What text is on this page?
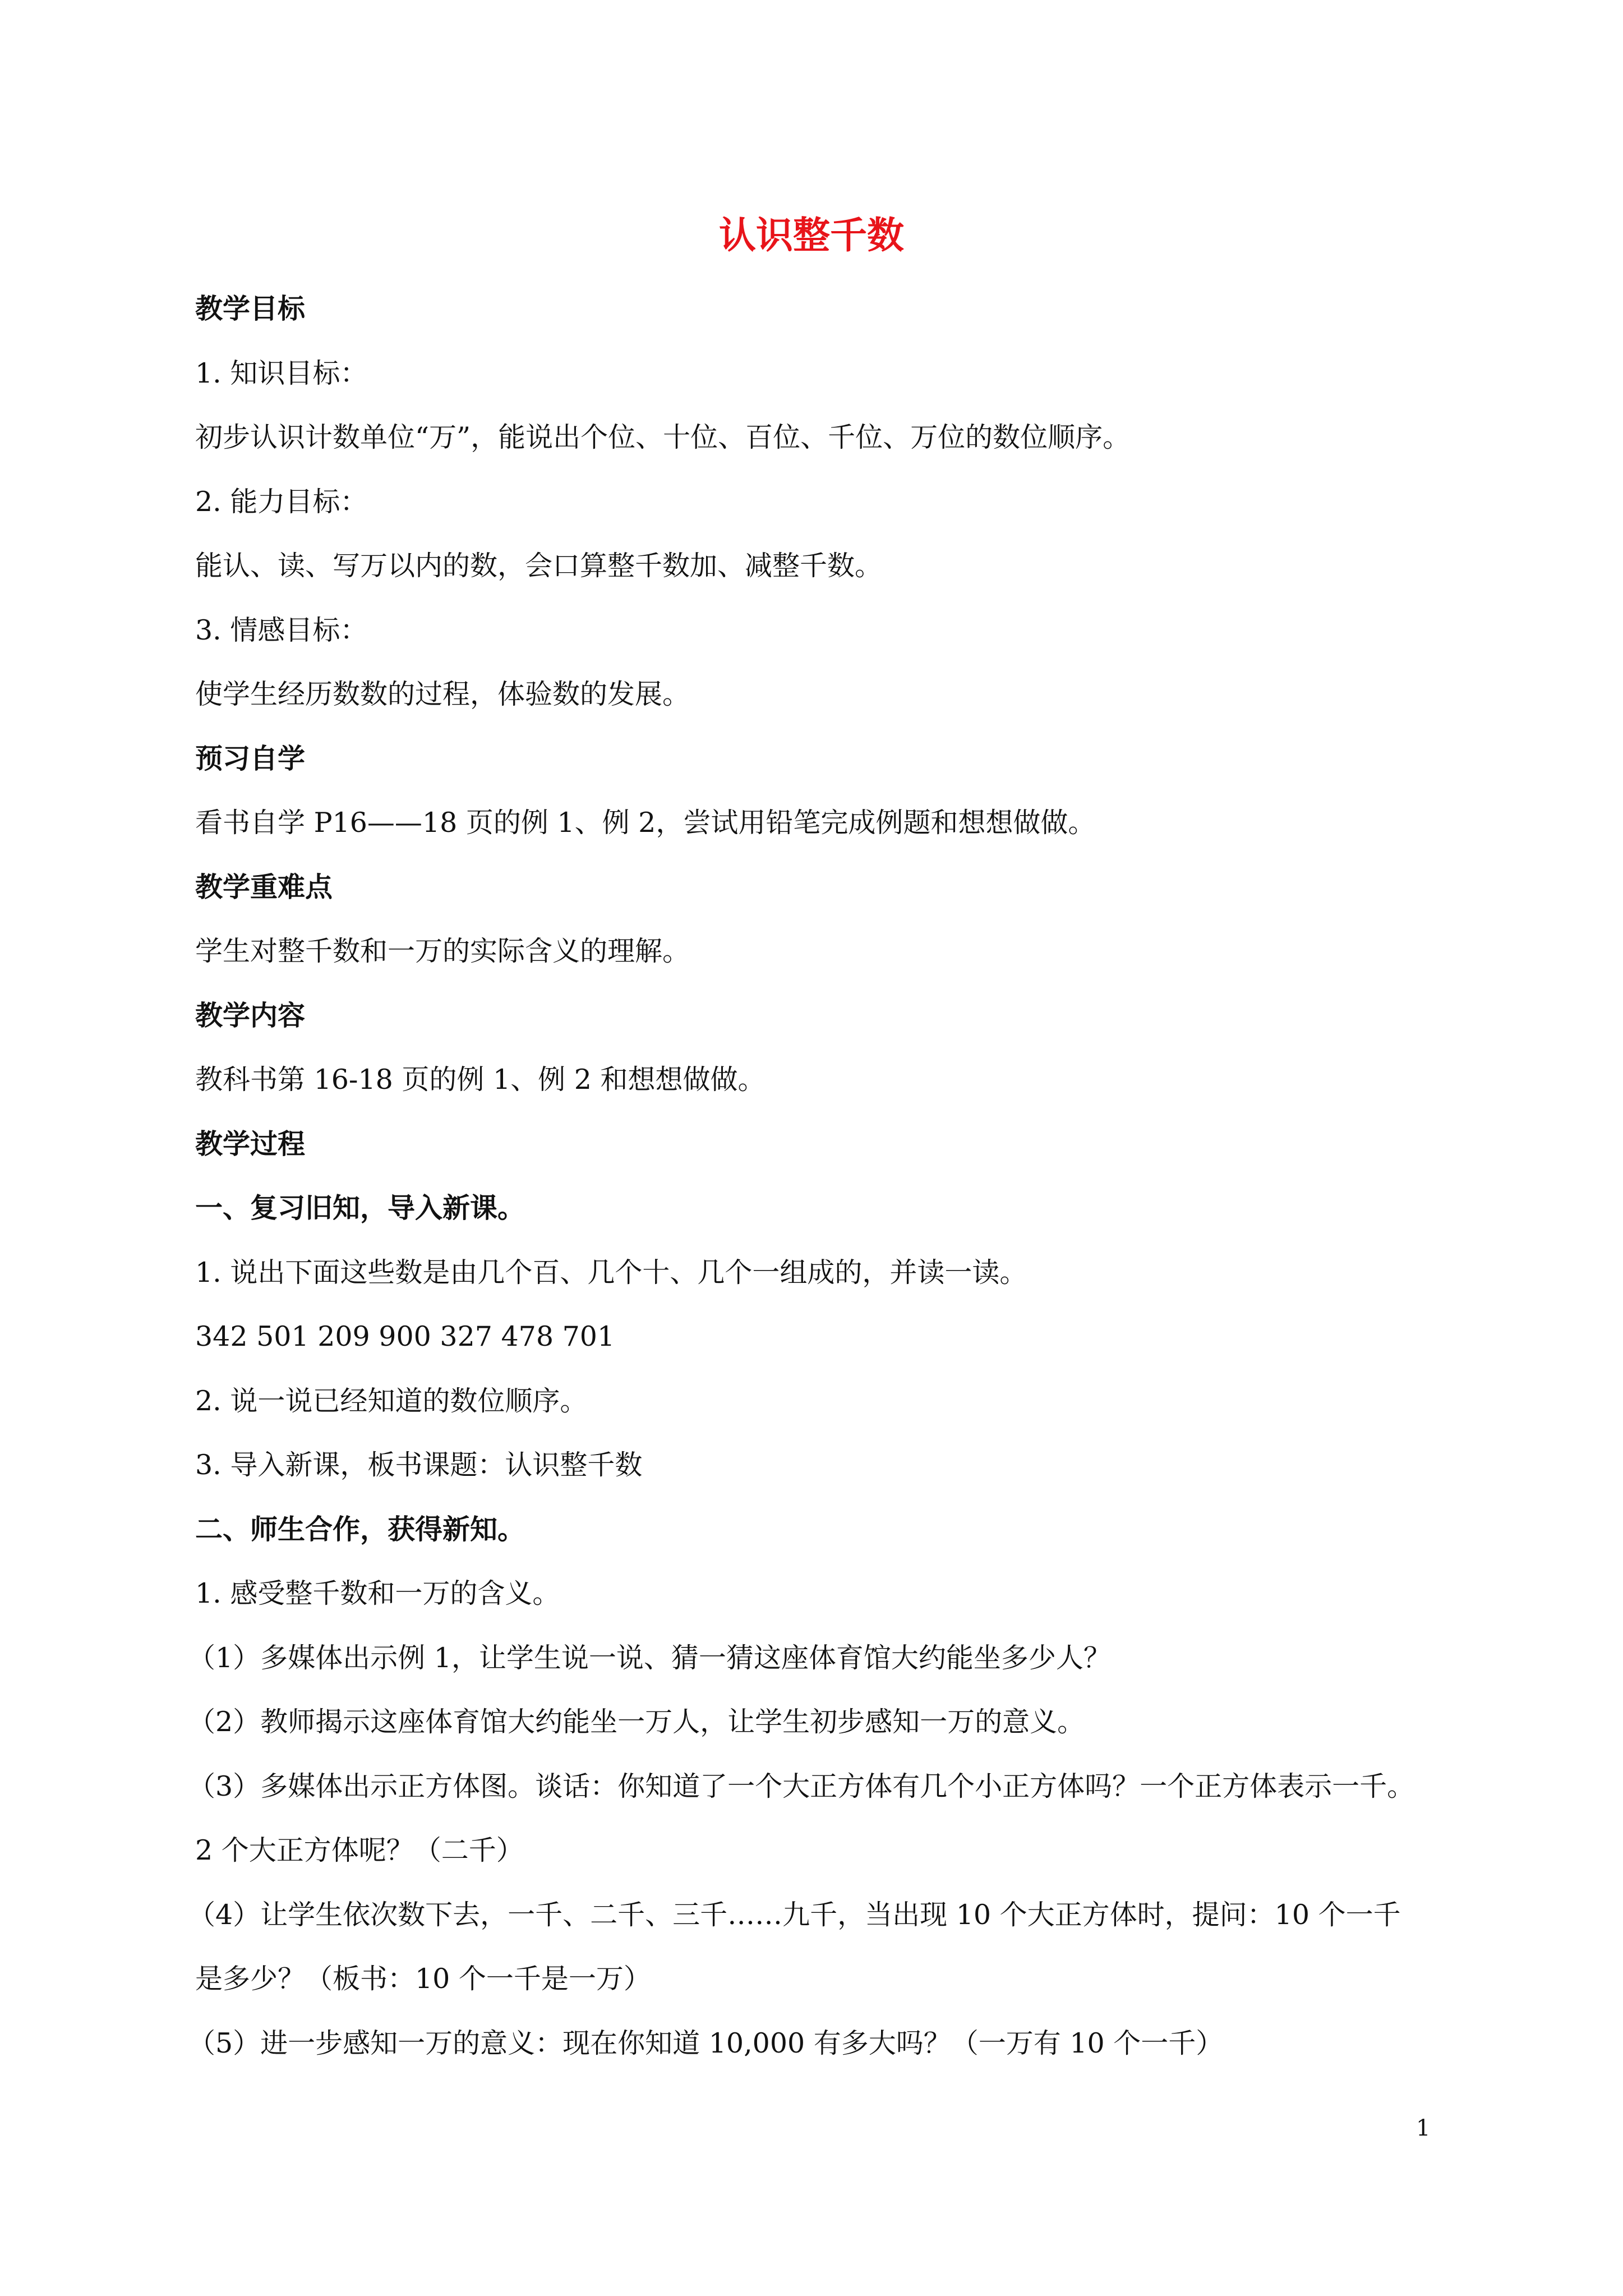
认识整千数
教学目标
1. 知识目标：
初步认识计数单位“万”，能说出个位、十位、百位、千位、万位的数位顺序。
2. 能力目标：
能认、读、写万以内的数，会口算整千数加、减整千数。
3. 情感目标：
使学生经历数数的过程，体验数的发展。
预习自学
看书自学 P16——18 页的例 1、例 2，尝试用铅笔完成例题和想想做做。
教学重难点
学生对整千数和一万的实际含义的理解。
教学内容
教科书第 16-18 页的例 1、例 2 和想想做做。
教学过程
一、复习旧知，导入新课。
1. 说出下面这些数是由几个百、几个十、几个一组成的，并读一读。
342 501 209 900 327 478 701
2. 说一说已经知道的数位顺序。
3. 导入新课，板书课题：认识整千数
二、师生合作，获得新知。
1. 感受整千数和一万的含义。
（1）多媒体出示例 1，让学生说一说、猜一猜这座体育馆大约能坐多少人？
（2）教师揭示这座体育馆大约能坐一万人，让学生初步感知一万的意义。
（3）多媒体出示正方体图。谈话：你知道了一个大正方体有几个小正方体吗？一个正方体表示一千。
2 个大正方体呢？（二千）
（4）让学生依次数下去，一千、二千、三千……九千，当出现 10 个大正方体时，提问：10 个一千
是多少？（板书：10 个一千是一万）
（5）进一步感知一万的意义：现在你知道 10,000 有多大吗？（一万有 10 个一千）
1
